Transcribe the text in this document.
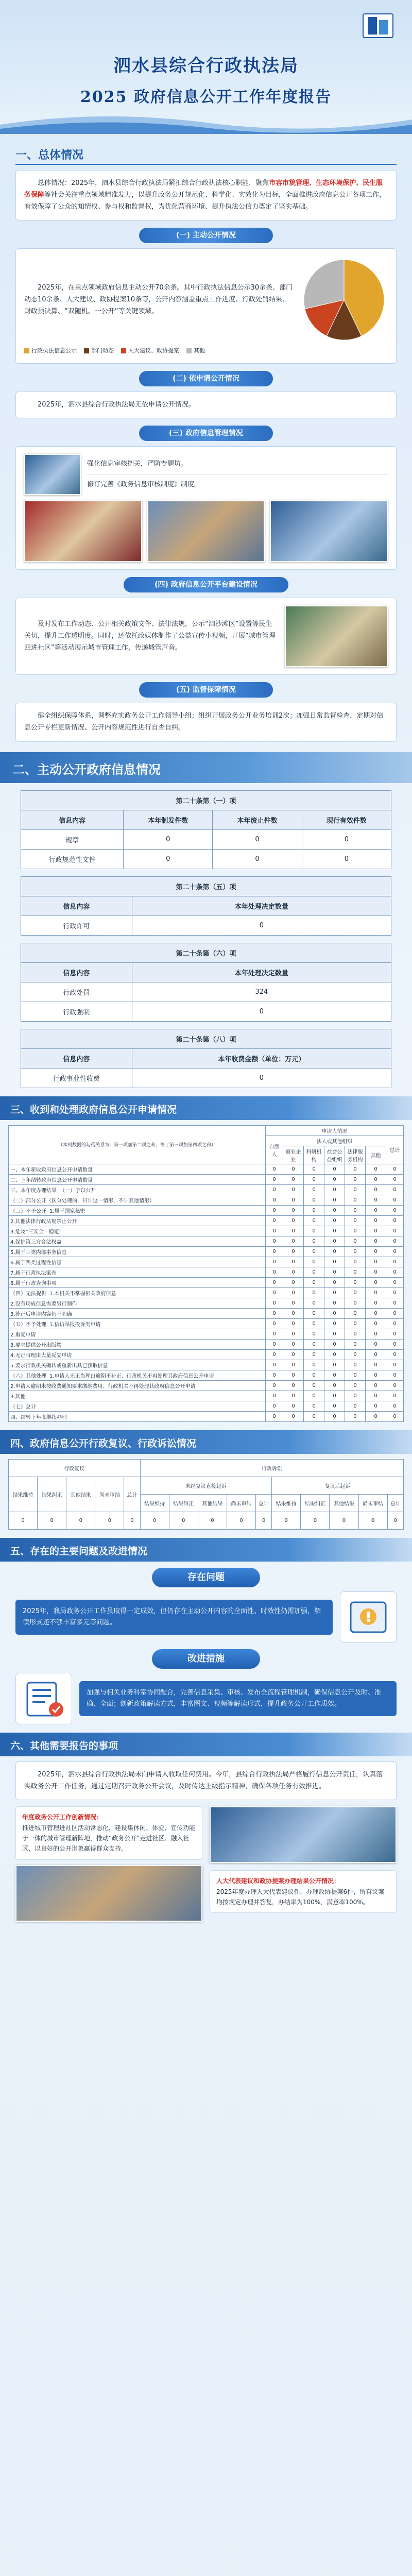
泗水县综合行政执法局
2025 政府信息公开工作年度报告
一、总体情况

总体情况：2025年，泗水县综合行政执法局紧扣综合行政执法核心职能，聚焦市容市貌管理、生态环境保护、民生服务保障等社会关注重点领域精准发力，以提升政务公开规范化、科学化、实效化为目标，全面推进政府信息公开各项工作，有效保障了公众的知情权、参与权和监督权，为优化营商环境、提升执法公信力奠定了坚实基础。

(一) 主动公开情况

2025年，在重点领域政府信息主动公开70余条。其中行政执法信息公示30余条、部门动态10余条、人大建议、政协提案10条等，公开内容涵盖重点工作进度、行政处罚结果、财政预决算、“双随机、一公开”等关键领域。

行政执法信息公示	部门动态	人大建议、政协提案	其他
(二) 依申请公开情况

2025年，泗水县综合行政执法局无依申请公开情况。

(三) 政府信息管理情况
强化信息审核把关，严防专题坊。
修订完善《政务信息审核制度》制度。
(四) 政府信息公开平台建设情况

及时发布工作动态、公开相关政策文件、法律法规，公示“泗沙滩区”设置等民生关切，提升工作透明度。同时，还依托政媒体制作了公益宣传小视频，开展“城市管理四进社区”等活动展示城市管理工作，传递城管声音。

(五) 监督保障情况

健全组织保障体系，调整充实政务公开工作领导小组；组织开展政务公开业务培训2次；加强日常监督检查，定期对信息公开专栏更新情况、公开内容规范性进行自查自纠。

二、主动公开政府信息情况
第二十条第（一）项			
信息内容	本年制发件数	本年废止件数	现行有效件数
规章	0	0	0
行政规范性文件	0	0	0
第二十条第（五）项	
信息内容	本年处理决定数量
行政许可	0
第二十条第（六）项	
信息内容	本年处理决定数量
行政处罚	324
行政强制	0
第二十条第（八）项	
信息内容	本年收费金额（单位：万元）
行政事业性收费	0
三、收到和处理政府信息公开申请情况
（本列数据的勾稽关系为：第一项加第二项之和，等于第三项加第四项之和）	申请人情况						
	自然人	法人或其他组织					总计
		商业企业	科研机构	社会公益组织	法律服务机构	其他	
一、本年新收政府信息公开申请数量	0	0	0	0	0	0	0
二、上年结转政府信息公开申请数量	0	0	0	0	0	0	0
三、本年度办理结果 （一）予以公开	0	0	0	0	0	0	0
（二）部分公开（区分处理的，只计这一情形，不计其他情形）	0	0	0	0	0	0	0
（三）不予公开 1.属于国家秘密	0	0	0	0	0	0	0
2.其他法律行政法规禁止公开	0	0	0	0	0	0	0
3.危及“三安全一稳定”	0	0	0	0	0	0	0
4.保护第三方合法权益	0	0	0	0	0	0	0
5.属于三类内部事务信息	0	0	0	0	0	0	0
6.属于四类过程性信息	0	0	0	0	0	0	0
7.属于行政执法案卷	0	0	0	0	0	0	0
8.属于行政查询事项	0	0	0	0	0	0	0
（四）无法提供 1.本机关不掌握相关政府信息	0	0	0	0	0	0	0
2.没有现成信息需要另行制作	0	0	0	0	0	0	0
3.补正后申请内容仍不明确	0	0	0	0	0	0	0
（五）不予处理 1.信访举报投诉类申请	0	0	0	0	0	0	0
2.重复申请	0	0	0	0	0	0	0
3.要求提供公开出版物	0	0	0	0	0	0	0
4.无正当理由大量反复申请	0	0	0	0	0	0	0
5.要求行政机关确认或重新出具已获取信息	0	0	0	0	0	0	0
（六）其他处理 1.申请人无正当理由逾期不补正、行政机关不再处理其政府信息公开申请	0	0	0	0	0	0	0
2.申请人逾期未按收费通知要求缴纳费用、行政机关不再处理其政府信息公开申请	0	0	0	0	0	0	0
3.其他	0	0	0	0	0	0	0
（七）总计	0	0	0	0	0	0	0
四、结转下年度继续办理	0	0	0	0	0	0	0
四、政府信息公开行政复议、行政诉讼情况
行政复议					行政诉讼									
结果维持	结果纠正	其他结果	尚未审结	总计	未经复议直接起诉					复议后起诉				
					结果维持	结果纠正	其他结果	尚未审结	总计	结果维持	结果纠正	其他结果	尚未审结	总计
0	0	0	0	0	0	0	0	0	0	0	0	0	0	0
五、存在的主要问题及改进情况
存在问题
2025年，我局政务公开工作虽取得一定成效，但仍存在主动公开内容的全面性、时效性仍需加强，解读形式还不够丰富多元等问题。
改进措施
加强与相关业务科室协同配合，完善信息采集、审核、发布全流程管理机制，确保信息公开及时、准确、全面；创新政策解读方式，丰富图文、视频等解读形式，提升政务公开工作质效。
六、其他需要报告的事项

2025年，泗水县综合行政执法局未向申请人收取任何费用。今年，县综合行政执法局严格履行信息公开责任，认真落实政务公开工作任务，通过定期召开政务公开会议，及时传达上级指示精神，确保各项任务有效推进。

年度政务公开工作创新情况：
推进城市管理进社区活动常态化，建设集休闲、体验、宣传功能于一体的城市管理新阵地，推动“政务公开”走进社区、融入社区，以良好的公开形象赢得群众支持。
人大代表建议和政协提案办理结果公开情况：
2025年度办理人大代表建议件，办理政协提案6件，所有议案均按规定办理并答复，办结率为100%，满意率100%。
